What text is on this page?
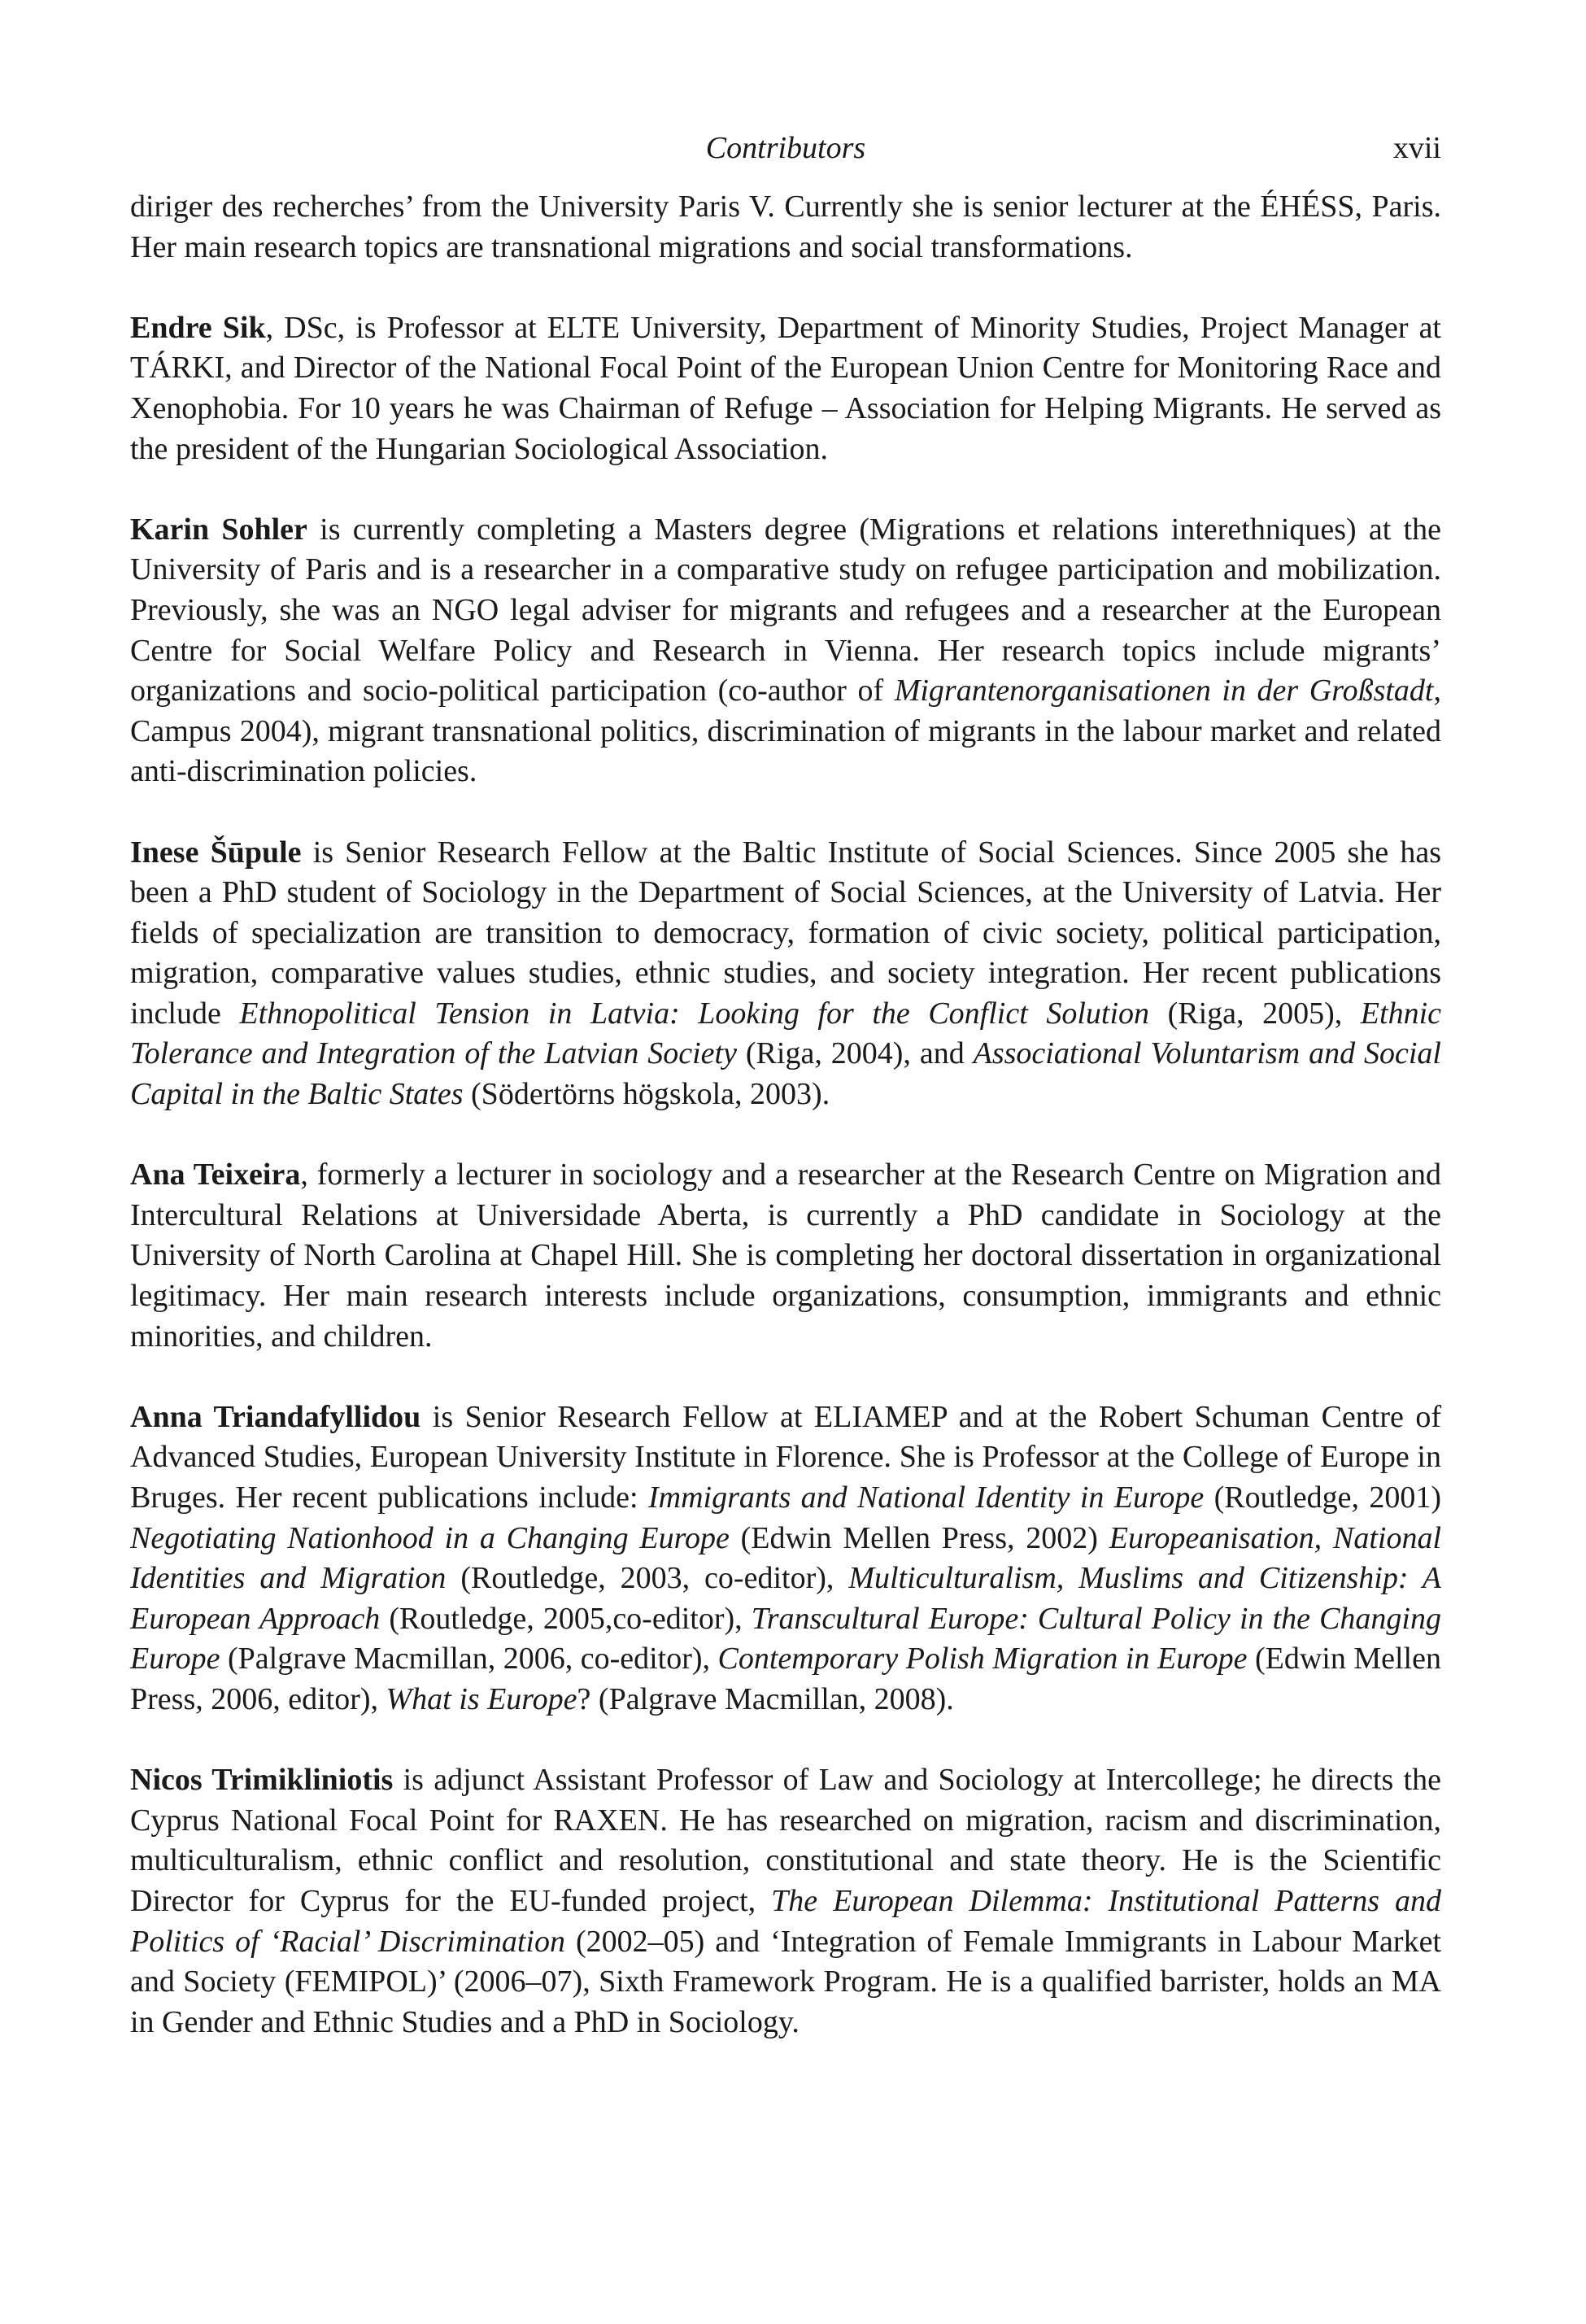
Contributors	xvii

diriger des recherches’ from the University Paris V. Currently she is senior lecturer at the ÉHÉSS, Paris. Her main research topics are transnational migrations and social transformations.

Endre Sik, DSc, is Professor at ELTE University, Department of Minority Studies, Project Manager at TÁRKI, and Director of the National Focal Point of the European Union Centre for Monitoring Race and Xenophobia. For 10 years he was Chairman of Refuge – Association for Helping Migrants. He served as the president of the Hungarian Sociological Association.

Karin Sohler is currently completing a Masters degree (Migrations et relations interethniques) at the University of Paris and is a researcher in a comparative study on refugee participation and mobilization. Previously, she was an NGO legal adviser for migrants and refugees and a researcher at the European Centre for Social Welfare Policy and Research in Vienna. Her research topics include migrants’ organizations and socio-political participation (co-author of Migrantenorganisationen in der Großstadt, Campus 2004), migrant transnational politics, discrimination of migrants in the labour market and related anti-discrimination policies.

Inese Šūpule is Senior Research Fellow at the Baltic Institute of Social Sciences. Since 2005 she has been a PhD student of Sociology in the Department of Social Sciences, at the University of Latvia. Her fields of specialization are transition to democracy, formation of civic society, political participation, migration, comparative values studies, ethnic studies, and society integration. Her recent publications include Ethnopolitical Tension in Latvia: Looking for the Conflict Solution (Riga, 2005), Ethnic Tolerance and Integration of the Latvian Society (Riga, 2004), and Associational Voluntarism and Social Capital in the Baltic States (Södertörns högskola, 2003).

Ana Teixeira, formerly a lecturer in sociology and a researcher at the Research Centre on Migration and Intercultural Relations at Universidade Aberta, is currently a PhD candidate in Sociology at the University of North Carolina at Chapel Hill. She is completing her doctoral dissertation in organizational legitimacy. Her main research interests include organizations, consumption, immigrants and ethnic minorities, and children.

Anna Triandafyllidou is Senior Research Fellow at ELIAMEP and at the Robert Schuman Centre of Advanced Studies, European University Institute in Florence. She is Professor at the College of Europe in Bruges. Her recent publications include: Immigrants and National Identity in Europe (Routledge, 2001) Negotiating Nationhood in a Changing Europe (Edwin Mellen Press, 2002) Europeanisation, National Identities and Migration (Routledge, 2003, co-editor), Multiculturalism, Muslims and Citizenship: A European Approach (Routledge, 2005,co-editor), Transcultural Europe: Cultural Policy in the Changing Europe (Palgrave Macmillan, 2006, co-editor), Contemporary Polish Migration in Europe (Edwin Mellen Press, 2006, editor), What is Europe? (Palgrave Macmillan, 2008).

Nicos Trimikliniotis is adjunct Assistant Professor of Law and Sociology at Intercollege; he directs the Cyprus National Focal Point for RAXEN. He has researched on migration, racism and discrimination, multiculturalism, ethnic conflict and resolution, constitutional and state theory. He is the Scientific Director for Cyprus for the EU-funded project, The European Dilemma: Institutional Patterns and Politics of ‘Racial’ Discrimination (2002–05) and ‘Integration of Female Immigrants in Labour Market and Society (FEMIPOL)’ (2006–07), Sixth Framework Program. He is a qualified barrister, holds an MA in Gender and Ethnic Studies and a PhD in Sociology.
